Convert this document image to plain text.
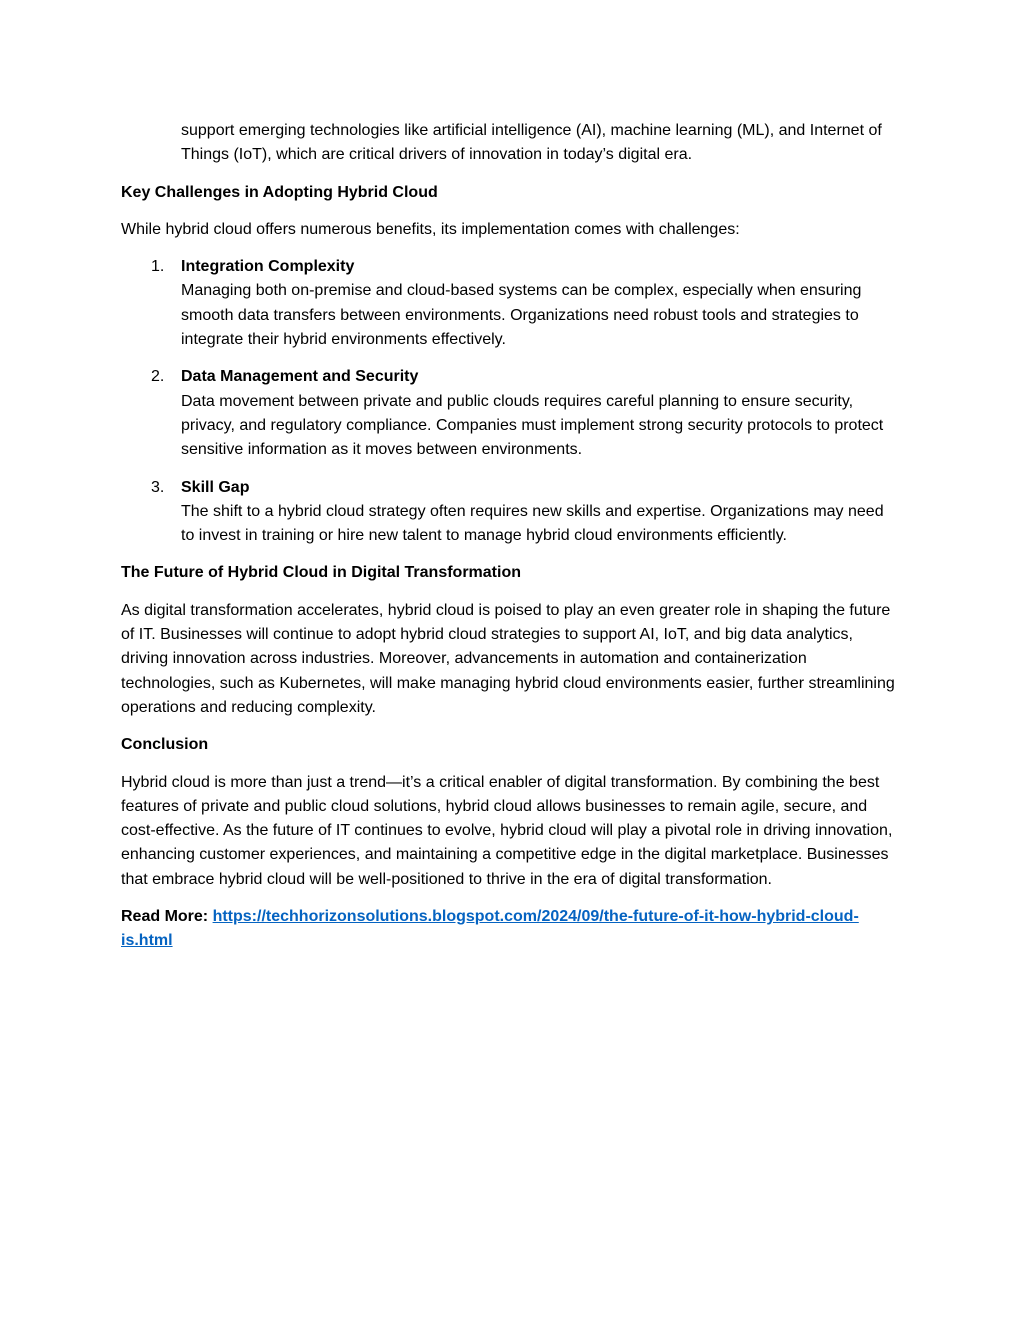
support emerging technologies like artificial intelligence (AI), machine learning (ML), and Internet of Things (IoT), which are critical drivers of innovation in today’s digital era.

Key Challenges in Adopting Hybrid Cloud

While hybrid cloud offers numerous benefits, its implementation comes with challenges:

1. Integration Complexity
Managing both on-premise and cloud-based systems can be complex, especially when ensuring smooth data transfers between environments. Organizations need robust tools and strategies to integrate their hybrid environments effectively.
2. Data Management and Security
Data movement between private and public clouds requires careful planning to ensure security, privacy, and regulatory compliance. Companies must implement strong security protocols to protect sensitive information as it moves between environments.
3. Skill Gap
The shift to a hybrid cloud strategy often requires new skills and expertise. Organizations may need to invest in training or hire new talent to manage hybrid cloud environments efficiently.
The Future of Hybrid Cloud in Digital Transformation

As digital transformation accelerates, hybrid cloud is poised to play an even greater role in shaping the future of IT. Businesses will continue to adopt hybrid cloud strategies to support AI, IoT, and big data analytics, driving innovation across industries. Moreover, advancements in automation and containerization technologies, such as Kubernetes, will make managing hybrid cloud environments easier, further streamlining operations and reducing complexity.

Conclusion

Hybrid cloud is more than just a trend—it’s a critical enabler of digital transformation. By combining the best features of private and public cloud solutions, hybrid cloud allows businesses to remain agile, secure, and cost-effective. As the future of IT continues to evolve, hybrid cloud will play a pivotal role in driving innovation, enhancing customer experiences, and maintaining a competitive edge in the digital marketplace. Businesses that embrace hybrid cloud will be well-positioned to thrive in the era of digital transformation.

Read More: https://techhorizonsolutions.blogspot.com/2024/09/the-future-of-it-how-hybrid-cloud-is.html
